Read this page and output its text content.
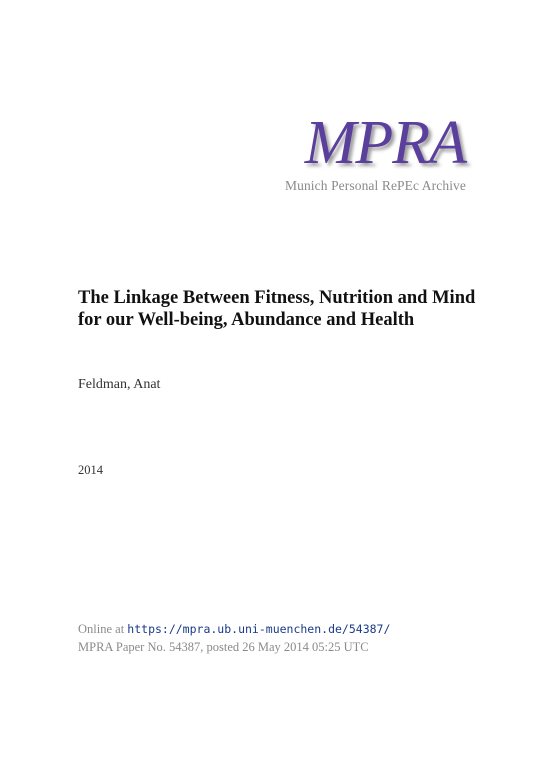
MPRA
Munich Personal RePEc Archive
The Linkage Between Fitness, Nutrition and Mind for our Well-being, Abundance and Health
Feldman, Anat
2014
Online at https://mpra.ub.uni-muenchen.de/54387/
MPRA Paper No. 54387, posted 26 May 2014 05:25 UTC
